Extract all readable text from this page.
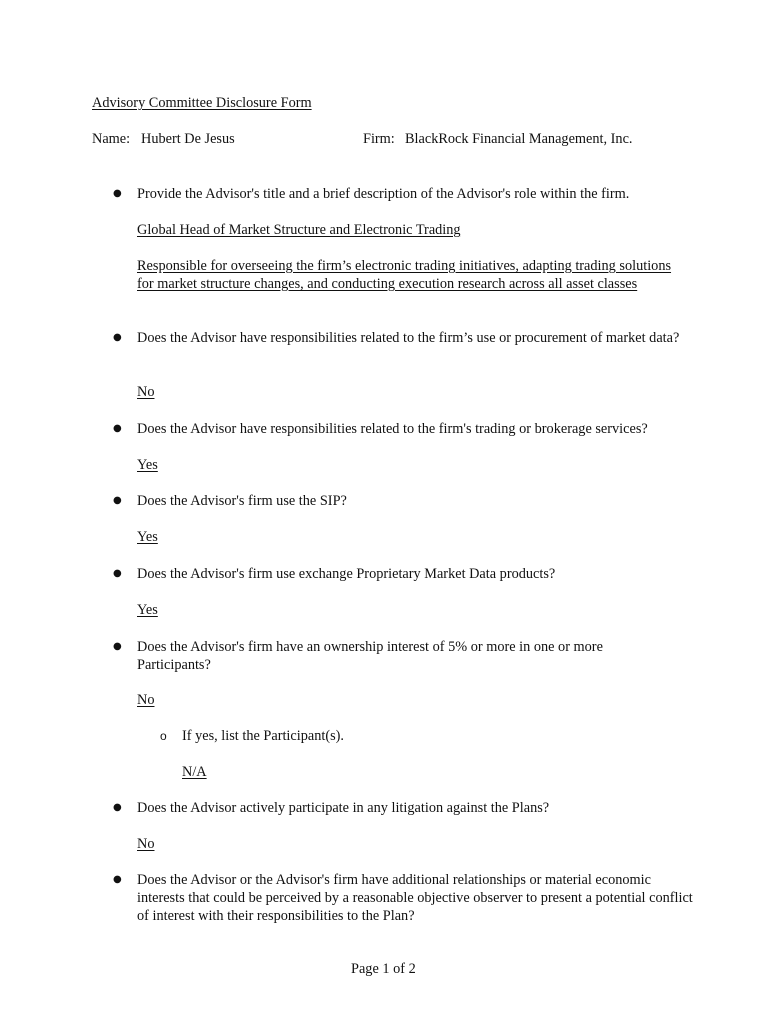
Advisory Committee Disclosure Form
Name: Hubert De Jesus	Firm: BlackRock Financial Management, Inc.
● Provide the Advisor's title and a brief description of the Advisor's role within the firm.
Global Head of Market Structure and Electronic Trading
Responsible for overseeing the firm’s electronic trading initiatives, adapting trading solutions for market structure changes, and conducting execution research across all asset classes
● Does the Advisor have responsibilities related to the firm’s use or procurement of market data?
No
● Does the Advisor have responsibilities related to the firm's trading or brokerage services?
Yes
● Does the Advisor's firm use the SIP?
Yes
● Does the Advisor's firm use exchange Proprietary Market Data products?
Yes
● Does the Advisor's firm have an ownership interest of 5% or more in one or more Participants?
No
o If yes, list the Participant(s).
N/A
● Does the Advisor actively participate in any litigation against the Plans?
No
● Does the Advisor or the Advisor's firm have additional relationships or material economic interests that could be perceived by a reasonable objective observer to present a potential conflict of interest with their responsibilities to the Plan?
Page 1 of 2
